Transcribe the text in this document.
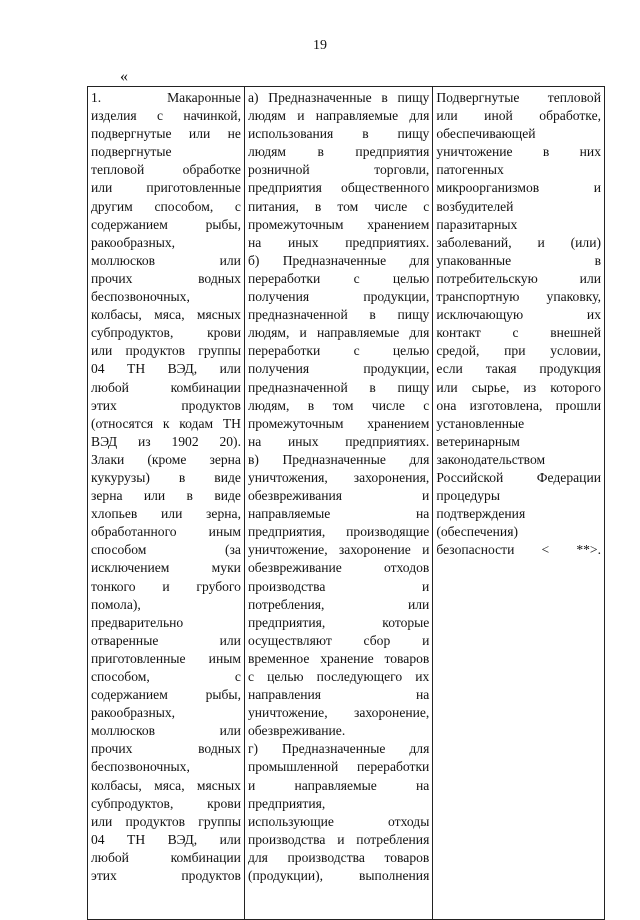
19
«
1. Макаронные
изделия с начинкой,
подвергнутые или не
подвергнутые
тепловой обработке
или приготовленные
другим способом, с
содержанием рыбы,
ракообразных,
моллюсков или
прочих водных
беспозвоночных,
колбасы, мяса, мясных
субпродуктов, крови
или продуктов группы
04 ТН ВЭД, или
любой комбинации
этих продуктов
(относятся к кодам ТН
ВЭД из 1902 20).
Злаки (кроме зерна
кукурузы) в виде
зерна или в виде
хлопьев или зерна,
обработанного иным
способом (за
исключением муки
тонкого и грубого
помола),
предварительно
отваренные или
приготовленные иным
способом, с
содержанием рыбы,
ракообразных,
моллюсков или
прочих водных
беспозвоночных,
колбасы, мяса, мясных
субпродуктов, крови
или продуктов группы
04 ТН ВЭД, или
любой комбинации
этих продуктов

а) Предназначенные в пищу
людям и направляемые для
использования в пищу
людям в предприятия
розничной торговли,
предприятия общественного
питания, в том числе с
промежуточным хранением
на иных предприятиях.
б) Предназначенные для
переработки с целью
получения продукции,
предназначенной в пищу
людям, и направляемые для
переработки с целью
получения продукции,
предназначенной в пищу
людям, в том числе с
промежуточным хранением
на иных предприятиях.
в) Предназначенные для
уничтожения, захоронения,
обезвреживания и
направляемые на
предприятия, производящие
уничтожение, захоронение и
обезвреживание отходов
производства и
потребления, или
предприятия, которые
осуществляют сбор и
временное хранение товаров
с целью последующего их
направления на
уничтожение, захоронение,
обезвреживание.
г) Предназначенные для
промышленной переработки
и направляемые на
предприятия,
использующие отходы
производства и потребления
для производства товаров
(продукции), выполнения

Подвергнутые тепловой
или иной обработке,
обеспечивающей
уничтожение в них
патогенных
микроорганизмов и
возбудителей
паразитарных
заболеваний, и (или)
упакованные в
потребительскую или
транспортную упаковку,
исключающую их
контакт с внешней
средой, при условии,
если такая продукция
или сырье, из которого
она изготовлена, прошли
установленные
ветеринарным
законодательством
Российской Федерации
процедуры
подтверждения
(обеспечения)
безопасности < **>.
